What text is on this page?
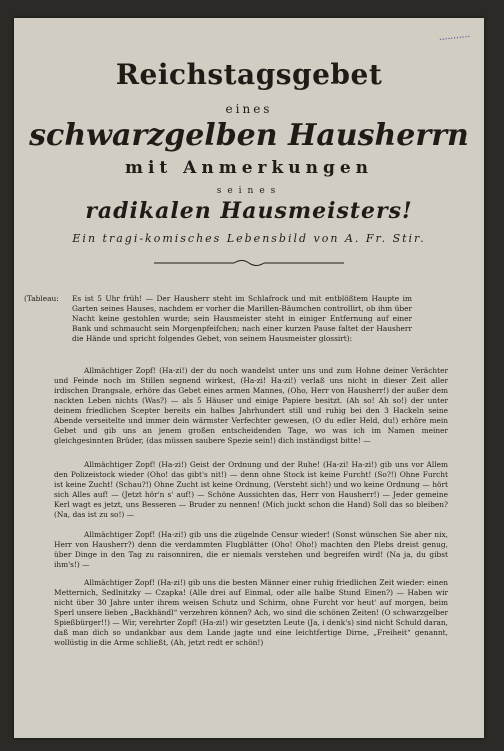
···········
Reichstagsgebet
eines
schwarzgelben Hausherrn
mit Anmerkungen
seines
radikalen Hausmeisters!
Ein tragi-komisches Lebensbild von A. Fr. Stir.
(Tableau: Es ist 5 Uhr früh! — Der Hausherr steht im Schlafrock und mit entblößtem Haupte im Garten seines Hauses, nachdem er vorher die Marillen-Bäumchen controllirt, ob ihm über Nacht keine gestohlen wurde; sein Hausmeister steht in einiger Entfernung auf einer Bank und schmaucht sein Morgenpfeifchen; nach einer kurzen Pause faltet der Hausherr die Hände und spricht folgendes Gebet, von seinem Hausmeister glossirt):
Allmächtiger Zopf! (Ha-zi!) der du noch wandelst unter uns und zum Hohne deiner Verächter und Feinde noch im Stillen segnend wirkest, (Ha-zi! Ha-zi!) verlaß uns nicht in dieser Zeit aller irdischen Drangsale, erhöre das Gebet eines armen Mannes, (Oho, Herr von Hausherr!) der außer dem nackten Leben nichts (Was?) — als 5 Häuser und einige Papiere besitzt. (Ah so! Ah so!) der unter deinem friedlichen Scepter bereits ein halbes Jahrhundert still und ruhig bei den 3 Hackeln seine Abende verseitelte und immer dein wärmster Verfechter gewesen, (O du edler Held, du!) erhöre mein Gebet und gib uns an jenem großen entscheidenden Tage, wo was ich im Namen meiner gleichgesinnten Brüder, (das müssen saubere Spezie sein!) dich inständigst bitte! —
Allmächtiger Zopf! (Ha-zi!) Geist der Ordnung und der Ruhe! (Ha-zi! Ha-zi!) gib uns vor Allem den Polizeistock wieder (Oho! das gibt's nit!) — denn ohne Stock ist keine Furcht! (So?!) Ohne Furcht ist keine Zucht! (Schau?!) Ohne Zucht ist keine Ordnung, (Versteht sich!) und wo keine Ordnung — hört sich Alles auf! — (Jetzt hör'n s' auf!) — Schöne Aussichten das, Herr von Hausherr!) — Jeder gemeine Kerl wagt es jetzt, uns Besseren — Bruder zu nennen! (Mich juckt schon die Hand) Soll das so bleiben? (Na, das ist zu so!) —
Allmächtiger Zopf! (Ha-zi!) gib uns die zügelnde Censur wieder! (Sonst wünschen Sie aber nix, Herr von Hausherr?) denn die verdammten Flugblätter (Oho! Oho!) machten den Plebs dreist genug, über Dinge in den Tag zu raisonniren, die er niemals verstehen und begreifen wird! (Na ja, du gibst ihm's!) —
Allmächtiger Zopf! (Ha-zi!) gib uns die besten Männer einer ruhig friedlichen Zeit wieder: einen Metternich, Sedlnitzky — Czapka! (Alle drei auf Einmal, oder alle halbe Stund Einen?) — Haben wir nicht über 30 Jahre unter ihrem weisen Schutz und Schirm, ohne Furcht vor heut' auf morgen, beim Sperl unsere lieben „Backhändl“ verzehren können? Ach, wo sind die schönen Zeiten! (O schwarzgelber Spießbürger!!) — Wir, verehrter Zopf! (Ha-zi!) wir gesetzten Leute (Ja, i denk's) sind nicht Schuld daran, daß man dich so undankbar aus dem Lande jagte und eine leichtfertige Dirne, „Freiheit“ genannt, wollüstig in die Arme schließt, (Ah, jetzt redt er schön!)
